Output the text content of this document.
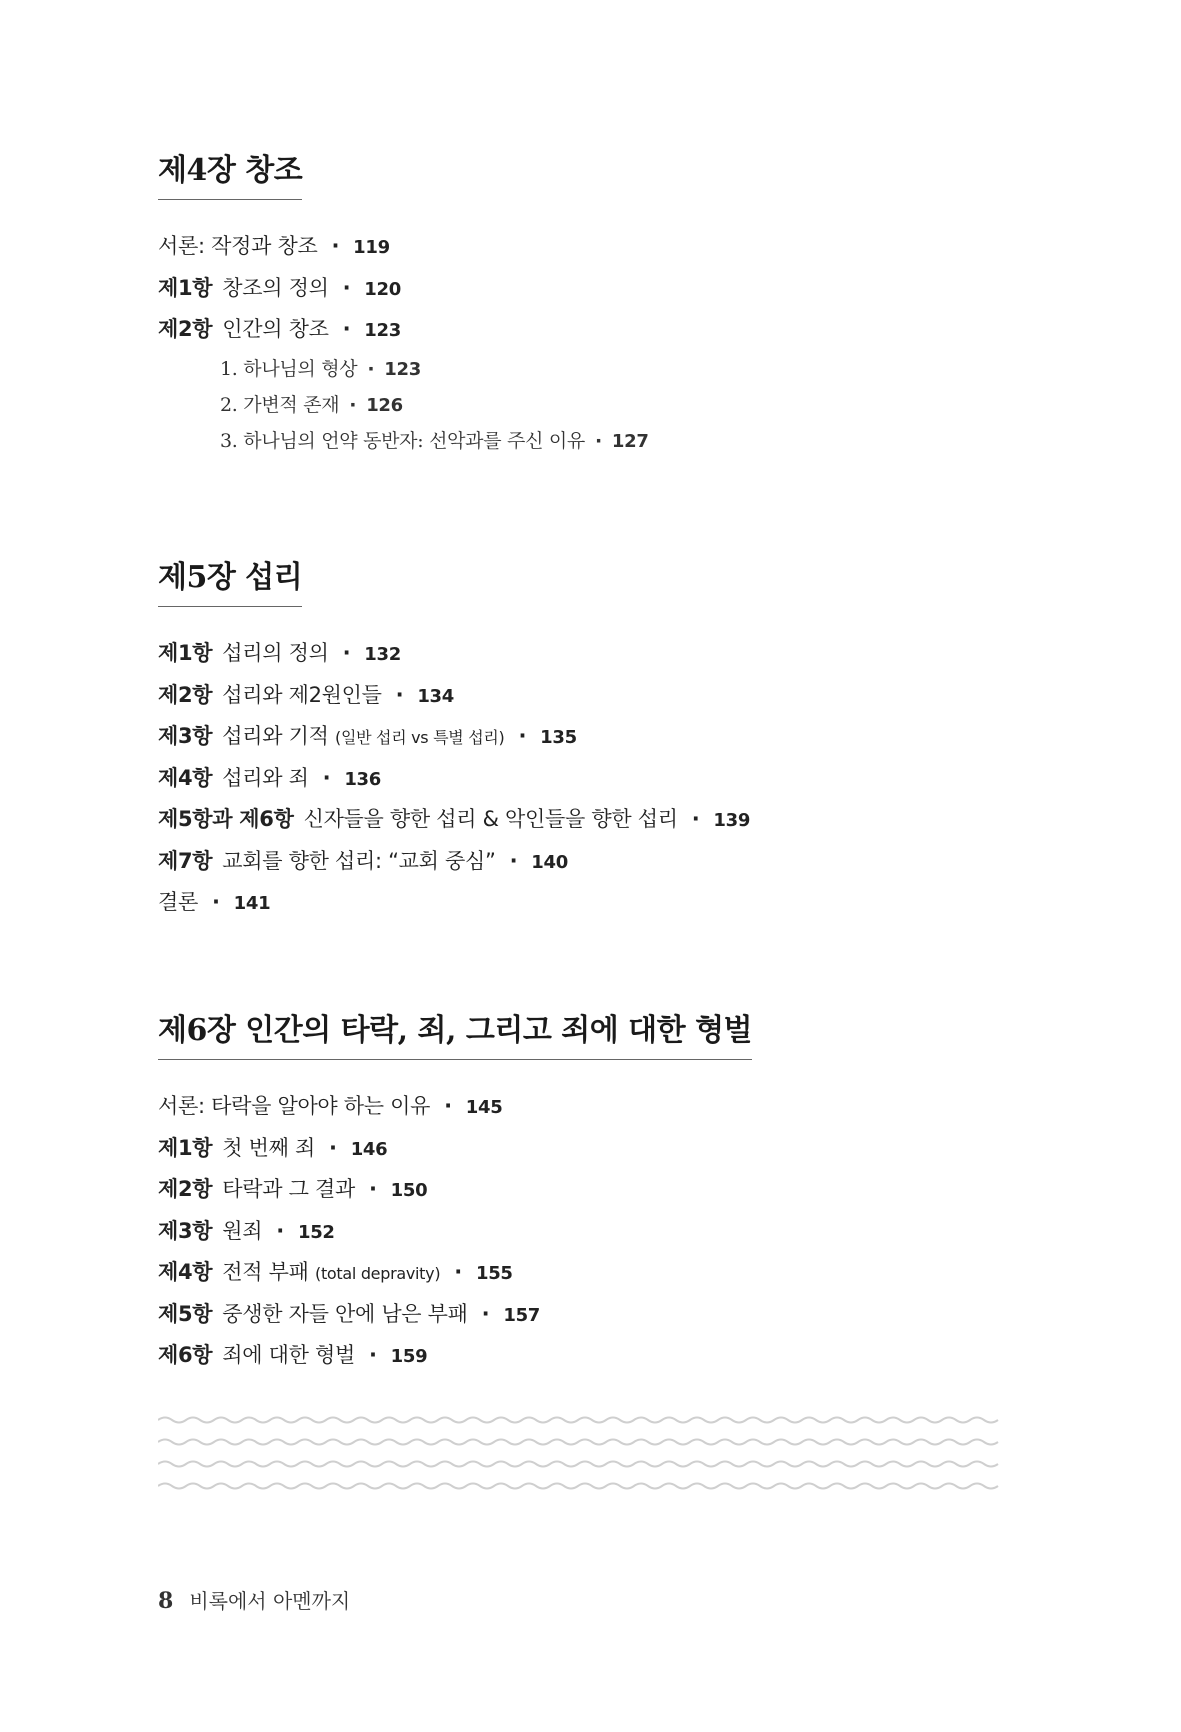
제4장 창조
서론: 작정과 창조 · 119
제1항 창조의 정의 · 120
제2항 인간의 창조 · 123
1. 하나님의 형상 · 123
2. 가변적 존재 · 126
3. 하나님의 언약 동반자: 선악과를 주신 이유 · 127
제5장 섭리
제1항 섭리의 정의 · 132
제2항 섭리와 제2원인들 · 134
제3항 섭리와 기적 (일반 섭리 vs 특별 섭리) · 135
제4항 섭리와 죄 · 136
제5항과 제6항 신자들을 향한 섭리 & 악인들을 향한 섭리 · 139
제7항 교회를 향한 섭리: “교회 중심” · 140
결론 · 141
제6장 인간의 타락, 죄, 그리고 죄에 대한 형벌
서론: 타락을 알아야 하는 이유 · 145
제1항 첫 번째 죄 · 146
제2항 타락과 그 결과 · 150
제3항 원죄 · 152
제4항 전적 부패 (total depravity) · 155
제5항 중생한 자들 안에 남은 부패 · 157
제6항 죄에 대한 형벌 · 159
8 비록에서 아멘까지
